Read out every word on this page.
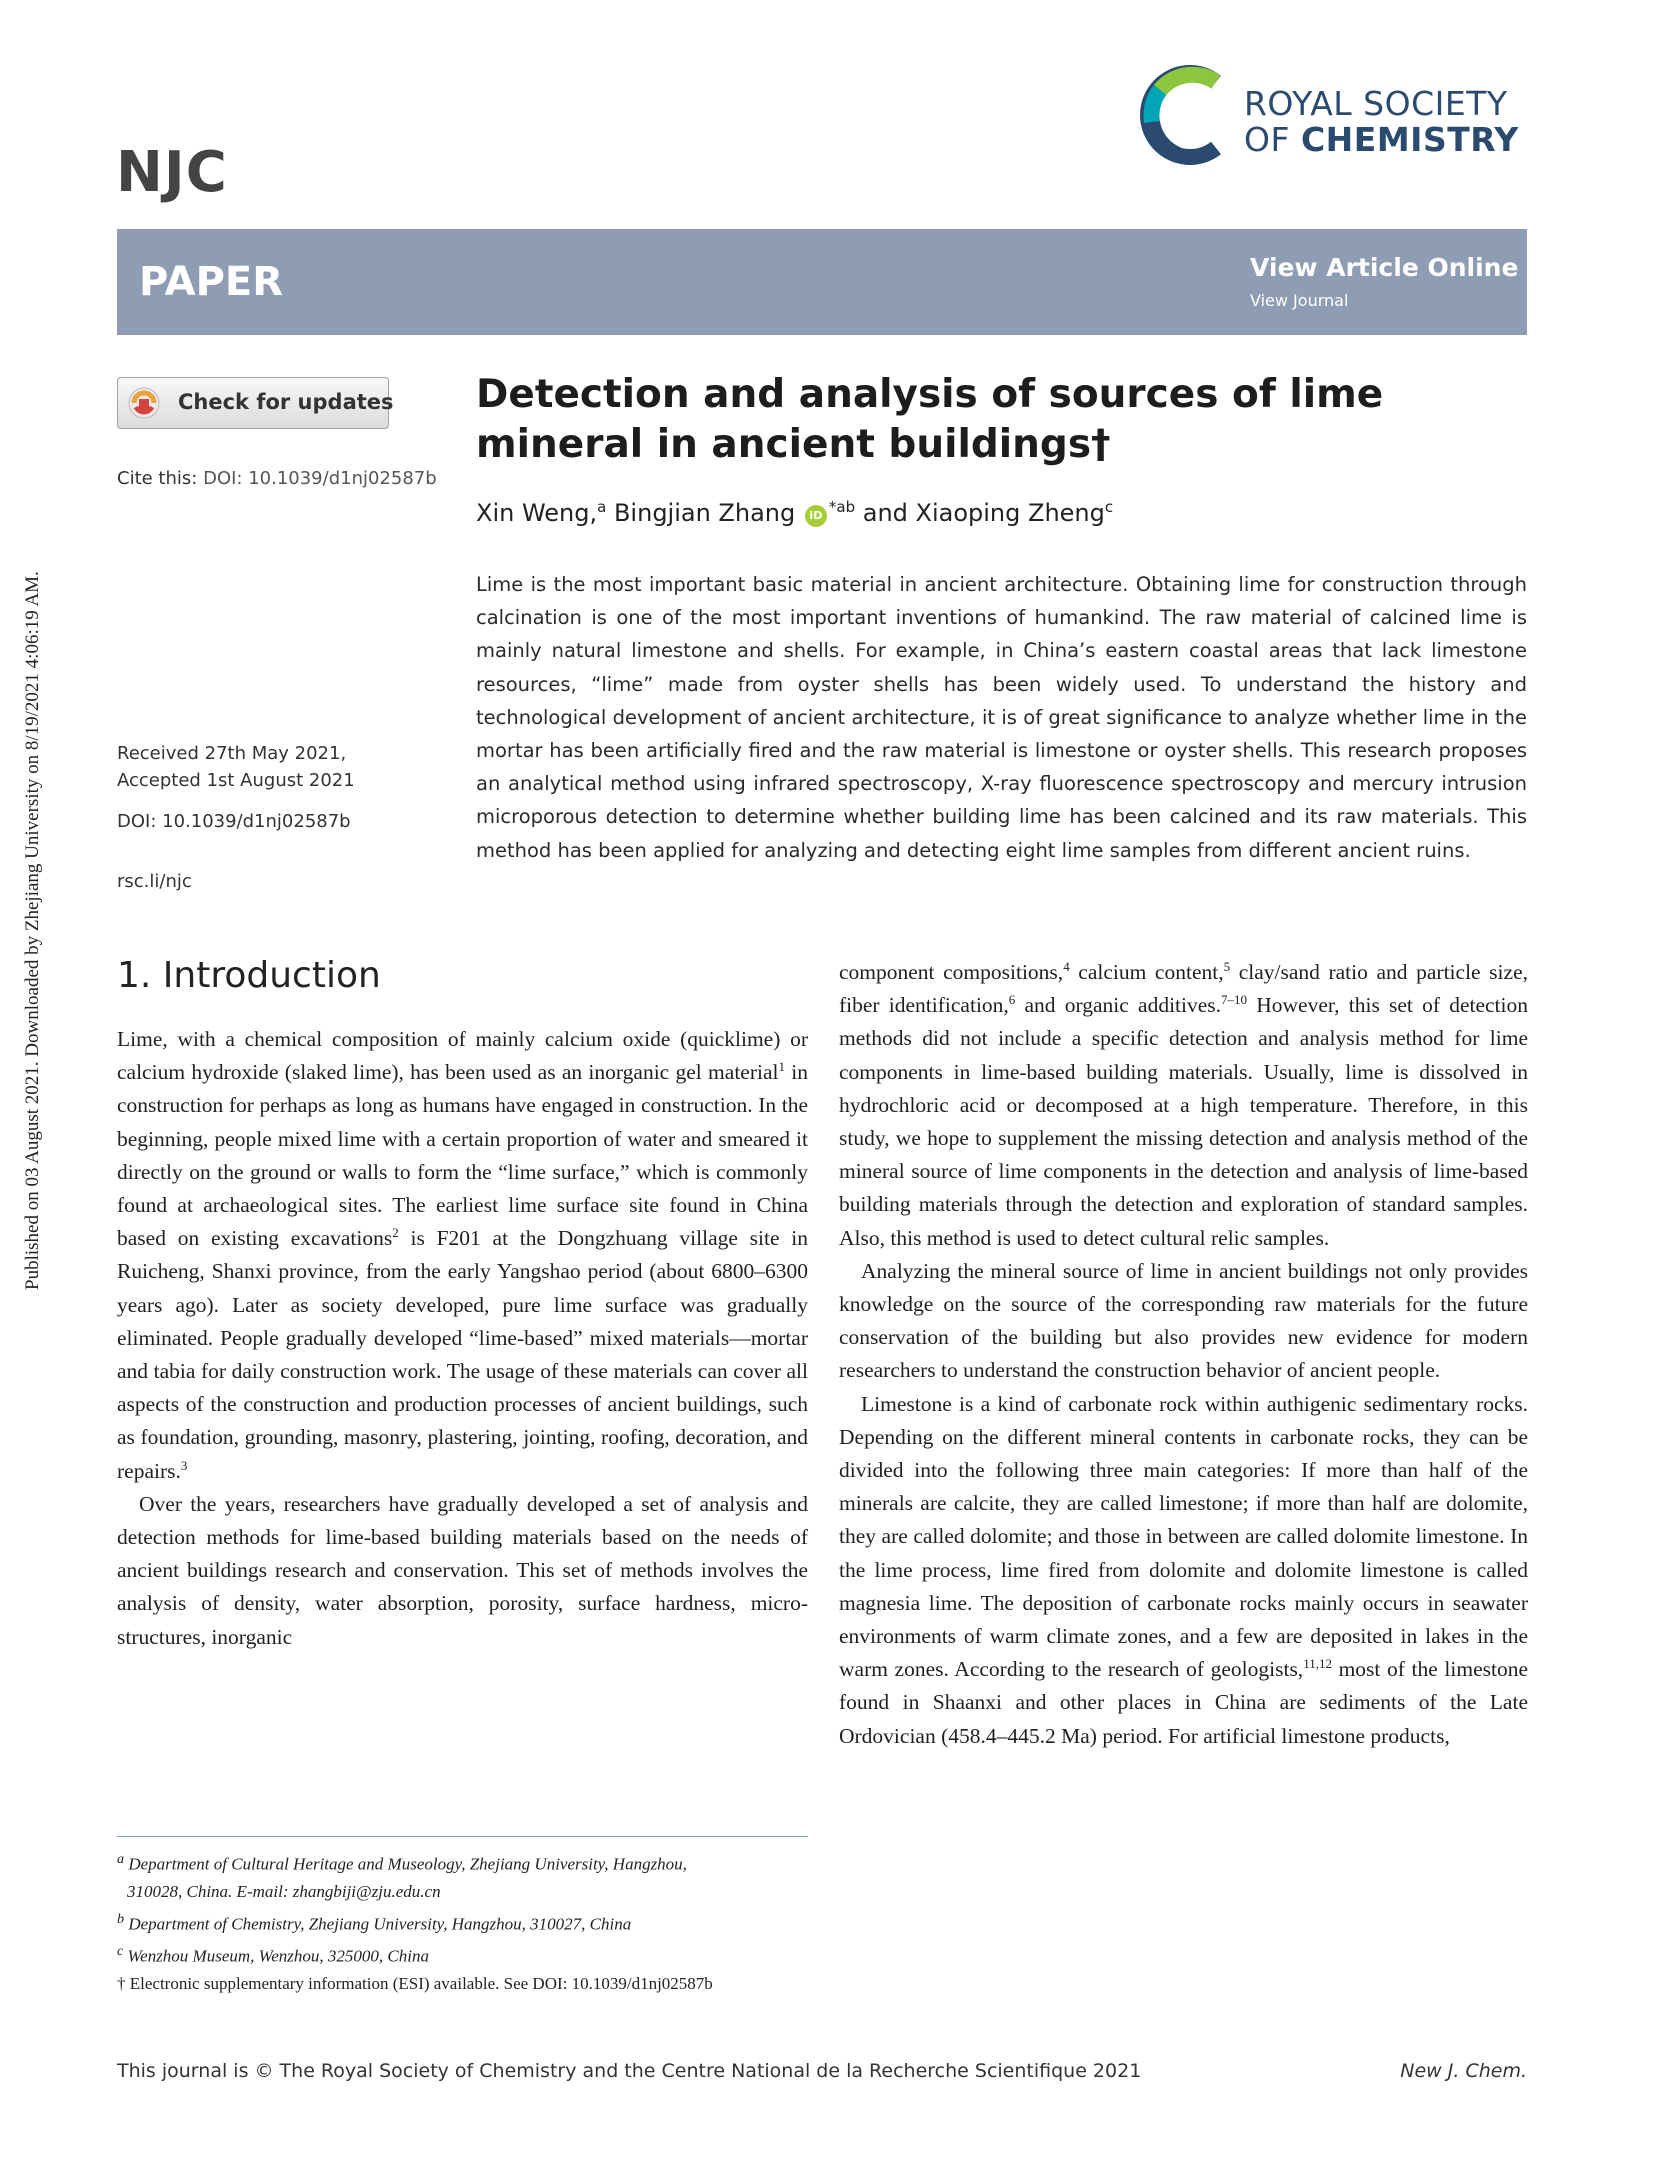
Published on 03 August 2021. Downloaded by Zhejiang University on 8/19/2021 4:06:19 AM.
NJC
ROYAL SOCIETY
OF CHEMISTRY
PAPER	View Article Online
View Journal
Check for updates
Cite this: DOI: 10.1039/d1nj02587b
Received 27th May 2021,
Accepted 1st August 2021
DOI: 10.1039/d1nj02587b
rsc.li/njc
Detection and analysis of sources of lime mineral in ancient buildings†
Xin Weng,$^a$ Bingjian Zhang iD $^{*ab}$ and Xiaoping Zheng$^c$
Lime is the most important basic material in ancient architecture. Obtaining lime for construction through calcination is one of the most important inventions of humankind. The raw material of calcined lime is mainly natural limestone and shells. For example, in China’s eastern coastal areas that lack limestone resources, “lime” made from oyster shells has been widely used. To understand the history and technological development of ancient architecture, it is of great significance to analyze whether lime in the mortar has been artificially fired and the raw material is limestone or oyster shells. This research proposes an analytical method using infrared spectroscopy, X-ray fluorescence spectroscopy and mercury intrusion microporous detection to determine whether building lime has been calcined and its raw materials. This method has been applied for analyzing and detecting eight lime samples from different ancient ruins.
1. Introduction

Lime, with a chemical composition of mainly calcium oxide (quicklime) or calcium hydroxide (slaked lime), has been used as an inorganic gel material$^1$ in construction for perhaps as long as humans have engaged in construction. In the beginning, people mixed lime with a certain proportion of water and smeared it directly on the ground or walls to form the “lime surface,” which is commonly found at archaeological sites. The earliest lime surface site found in China based on existing excavations$^2$ is F201 at the Dongzhuang village site in Ruicheng, Shanxi province, from the early Yangshao period (about 6800–6300 years ago). Later as society developed, pure lime surface was gradually eliminated. People gradually developed “lime-based” mixed materials—mortar and tabia for daily construction work. The usage of these materials can cover all aspects of the construction and production processes of ancient buildings, such as foundation, grounding, masonry, plastering, jointing, roofing, decoration, and repairs.$^3$

Over the years, researchers have gradually developed a set of analysis and detection methods for lime-based building materials based on the needs of ancient buildings research and conservation. This set of methods involves the analysis of density, water absorption, porosity, surface hardness, micro-structures, inorganic

component compositions,$^4$ calcium content,$^5$ clay/sand ratio and particle size, fiber identification,$^6$ and organic additives.$^{7-10}$ However, this set of detection methods did not include a specific detection and analysis method for lime components in lime-based building materials. Usually, lime is dissolved in hydrochloric acid or decomposed at a high temperature. Therefore, in this study, we hope to supplement the missing detection and analysis method of the mineral source of lime components in the detection and analysis of lime-based building materials through the detection and exploration of standard samples. Also, this method is used to detect cultural relic samples.

Analyzing the mineral source of lime in ancient buildings not only provides knowledge on the source of the corresponding raw materials for the future conservation of the building but also provides new evidence for modern researchers to understand the construction behavior of ancient people.

Limestone is a kind of carbonate rock within authigenic sedimentary rocks. Depending on the different mineral contents in carbonate rocks, they can be divided into the following three main categories: If more than half of the minerals are calcite, they are called limestone; if more than half are dolomite, they are called dolomite; and those in between are called dolomite limestone. In the lime process, lime fired from dolomite and dolomite limestone is called magnesia lime. The deposition of carbonate rocks mainly occurs in seawater environments of warm climate zones, and a few are deposited in lakes in the warm zones. According to the research of geologists,$^{11,12}$ most of the limestone found in Shaanxi and other places in China are sediments of the Late Ordovician (458.4–445.2 Ma) period. For artificial limestone products,

$^a$ Department of Cultural Heritage and Museology, Zhejiang University, Hangzhou,
310028, China. E-mail: zhangbiji@zju.edu.cn
$^b$ Department of Chemistry, Zhejiang University, Hangzhou, 310027, China
$^c$ Wenzhou Museum, Wenzhou, 325000, China
† Electronic supplementary information (ESI) available. See DOI: 10.1039/d1nj02587b
This journal is © The Royal Society of Chemistry and the Centre National de la Recherche Scientifique 2021	New J. Chem.
